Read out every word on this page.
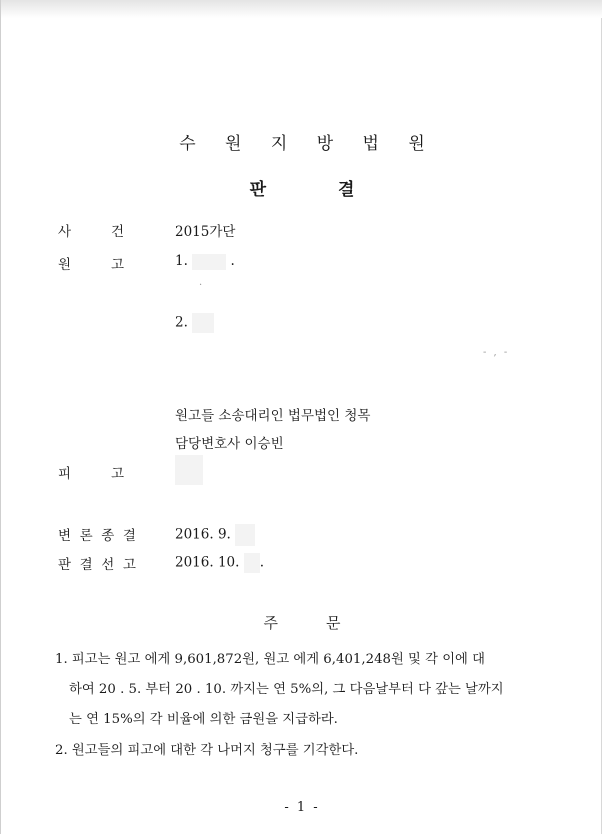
수 원 지 방 법 원
판	결
사	건	2015가단
원	고	1.	.
·
2.
- , -
원고들 소송대리인 법무법인 청목
담당변호사 이승빈
피	고
변 론 종 결	2016. 9.
판 결 선 고	2016. 10. .
주	문
1. 피고는 원고 에게 9,601,872원, 원고 에게 6,401,248원 및 각 이에 대
하여 20 . 5. 부터 20 . 10. 까지는 연 5%의, 그 다음날부터 다 갚는 날까지
는 연 15%의 각 비율에 의한 금원을 지급하라.
2. 원고들의 피고에 대한 각 나머지 청구를 기각한다.
- 1 -
